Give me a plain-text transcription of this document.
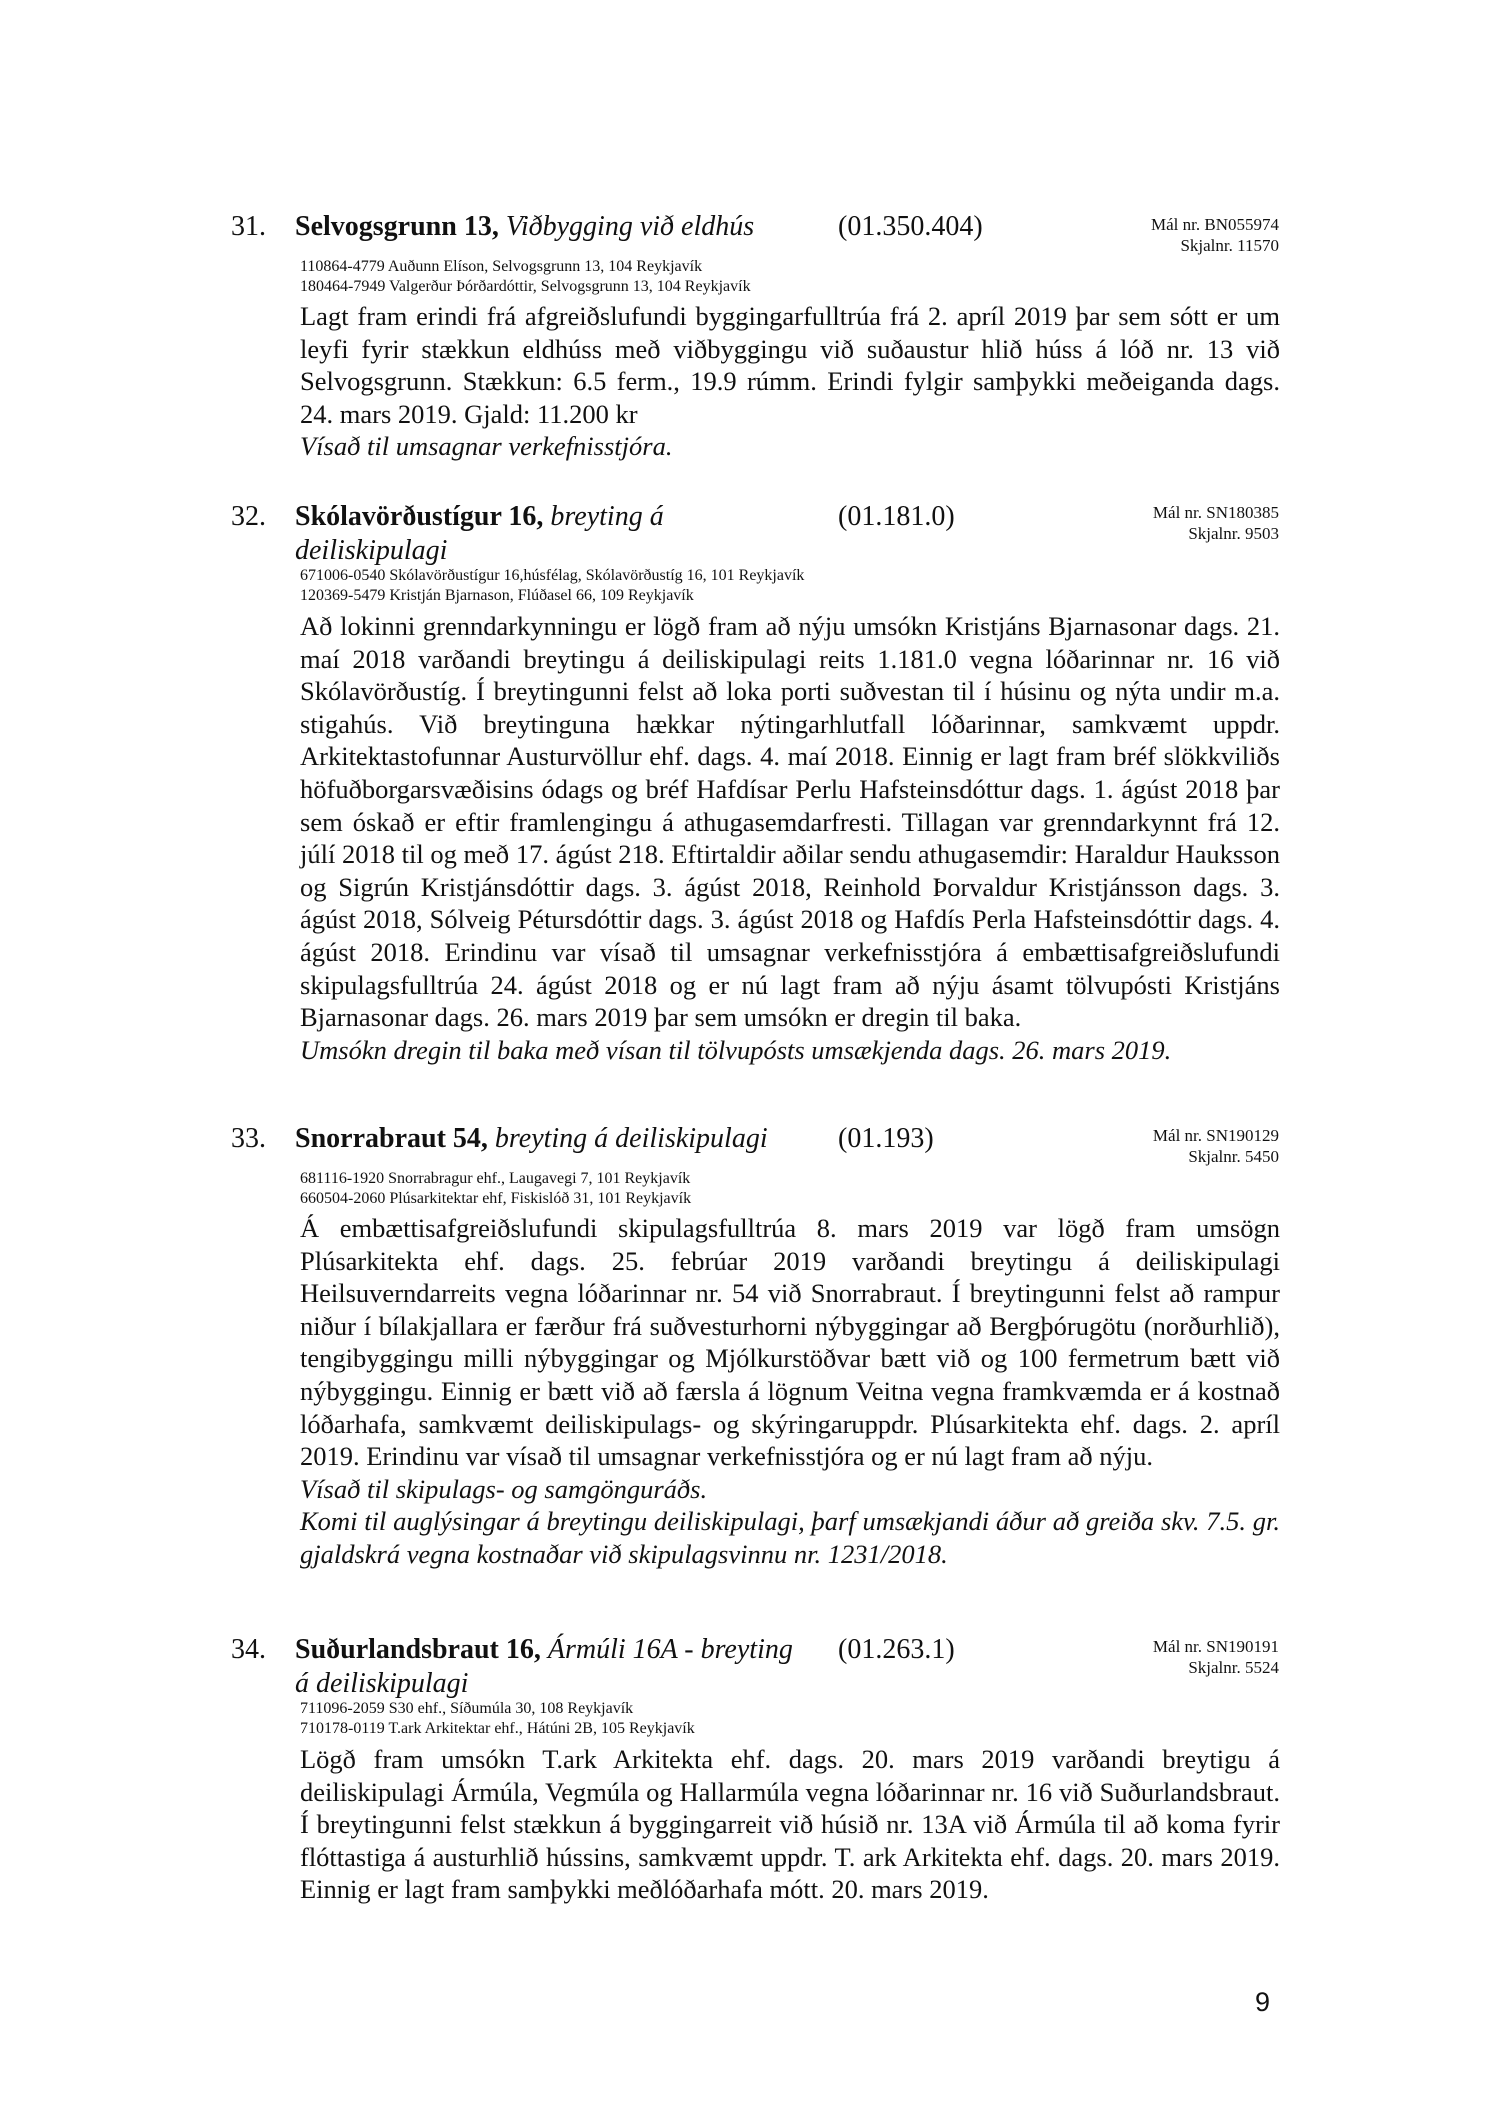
31. Selvogsgrunn 13, Viðbygging við eldhús	(01.350.404)	Mál nr. BN055974
Skjalnr. 11570
110864-4779 Auðunn Elíson, Selvogsgrunn 13, 104 Reykjavík
180464-7949 Valgerður Þórðardóttir, Selvogsgrunn 13, 104 Reykjavík

Lagt fram erindi frá afgreiðslufundi byggingarfulltrúa frá 2. apríl 2019 þar sem sótt er um leyfi fyrir stækkun eldhúss með viðbyggingu við suðaustur hlið húss á lóð nr. 13 við Selvogsgrunn. Stækkun: 6.5 ferm., 19.9 rúmm. Erindi fylgir samþykki meðeiganda dags. 24. mars 2019. Gjald: 11.200 kr

Vísað til umsagnar verkefnisstjóra.

32. Skólavörðustígur 16, breyting á
deiliskipulagi
(01.181.0)	Mál nr. SN180385
Skjalnr. 9503
671006-0540 Skólavörðustígur 16,húsfélag, Skólavörðustíg 16, 101 Reykjavík
120369-5479 Kristján Bjarnason, Flúðasel 66, 109 Reykjavík

Að lokinni grenndarkynningu er lögð fram að nýju umsókn Kristjáns Bjarnasonar dags. 21. maí 2018 varðandi breytingu á deiliskipulagi reits 1.181.0 vegna lóðarinnar nr. 16 við Skólavörðustíg. Í breytingunni felst að loka porti suðvestan til í húsinu og nýta undir m.a. stigahús. Við breytinguna hækkar nýtingarhlutfall lóðarinnar, samkvæmt uppdr. Arkitektastofunnar Austurvöllur ehf. dags. 4. maí 2018. Einnig er lagt fram bréf slökkviliðs höfuðborgarsvæðisins ódags og bréf Hafdísar Perlu Hafsteinsdóttur dags. 1. ágúst 2018 þar sem óskað er eftir framlengingu á athugasemdarfresti. Tillagan var grenndarkynnt frá 12. júlí 2018 til og með 17. ágúst 218. Eftirtaldir aðilar sendu athugasemdir: Haraldur Hauksson og Sigrún Kristjánsdóttir dags. 3. ágúst 2018, Reinhold Þorvaldur Kristjánsson dags. 3. ágúst 2018, Sólveig Pétursdóttir dags. 3. ágúst 2018 og Hafdís Perla Hafsteinsdóttir dags. 4. ágúst 2018. Erindinu var vísað til umsagnar verkefnisstjóra á embættisafgreiðslufundi skipulagsfulltrúa 24. ágúst 2018 og er nú lagt fram að nýju ásamt tölvupósti Kristjáns Bjarnasonar dags. 26. mars 2019 þar sem umsókn er dregin til baka.

Umsókn dregin til baka með vísan til tölvupósts umsækjenda dags. 26. mars 2019.

33. Snorrabraut 54, breyting á deiliskipulagi	(01.193)	Mál nr. SN190129
Skjalnr. 5450
681116-1920 Snorrabragur ehf., Laugavegi 7, 101 Reykjavík
660504-2060 Plúsarkitektar ehf, Fiskislóð 31, 101 Reykjavík

Á embættisafgreiðslufundi skipulagsfulltrúa 8. mars 2019 var lögð fram umsögn Plúsarkitekta ehf. dags. 25. febrúar 2019 varðandi breytingu á deiliskipulagi Heilsuverndarreits vegna lóðarinnar nr. 54 við Snorrabraut. Í breytingunni felst að rampur niður í bílakjallara er færður frá suðvesturhorni nýbyggingar að Bergþórugötu (norðurhlið), tengibyggingu milli nýbyggingar og Mjólkurstöðvar bætt við og 100 fermetrum bætt við nýbyggingu. Einnig er bætt við að færsla á lögnum Veitna vegna framkvæmda er á kostnað lóðarhafa, samkvæmt deiliskipulags- og skýringaruppdr. Plúsarkitekta ehf. dags. 2. apríl 2019. Erindinu var vísað til umsagnar verkefnisstjóra og er nú lagt fram að nýju.

Vísað til skipulags- og samgönguráðs.

Komi til auglýsingar á breytingu deiliskipulagi, þarf umsækjandi áður að greiða skv. 7.5. gr. gjaldskrá vegna kostnaðar við skipulagsvinnu nr. 1231/2018.

34. Suðurlandsbraut 16, Ármúli 16A - breyting
á deiliskipulagi
(01.263.1)	Mál nr. SN190191
Skjalnr. 5524
711096-2059 S30 ehf., Síðumúla 30, 108 Reykjavík
710178-0119 T.ark Arkitektar ehf., Hátúni 2B, 105 Reykjavík

Lögð fram umsókn T.ark Arkitekta ehf. dags. 20. mars 2019 varðandi breytigu á deiliskipulagi Ármúla, Vegmúla og Hallarmúla vegna lóðarinnar nr. 16 við Suðurlandsbraut. Í breytingunni felst stækkun á byggingarreit við húsið nr. 13A við Ármúla til að koma fyrir flóttastiga á austurhlið hússins, samkvæmt uppdr. T. ark Arkitekta ehf. dags. 20. mars 2019. Einnig er lagt fram samþykki meðlóðarhafa mótt. 20. mars 2019.

9
